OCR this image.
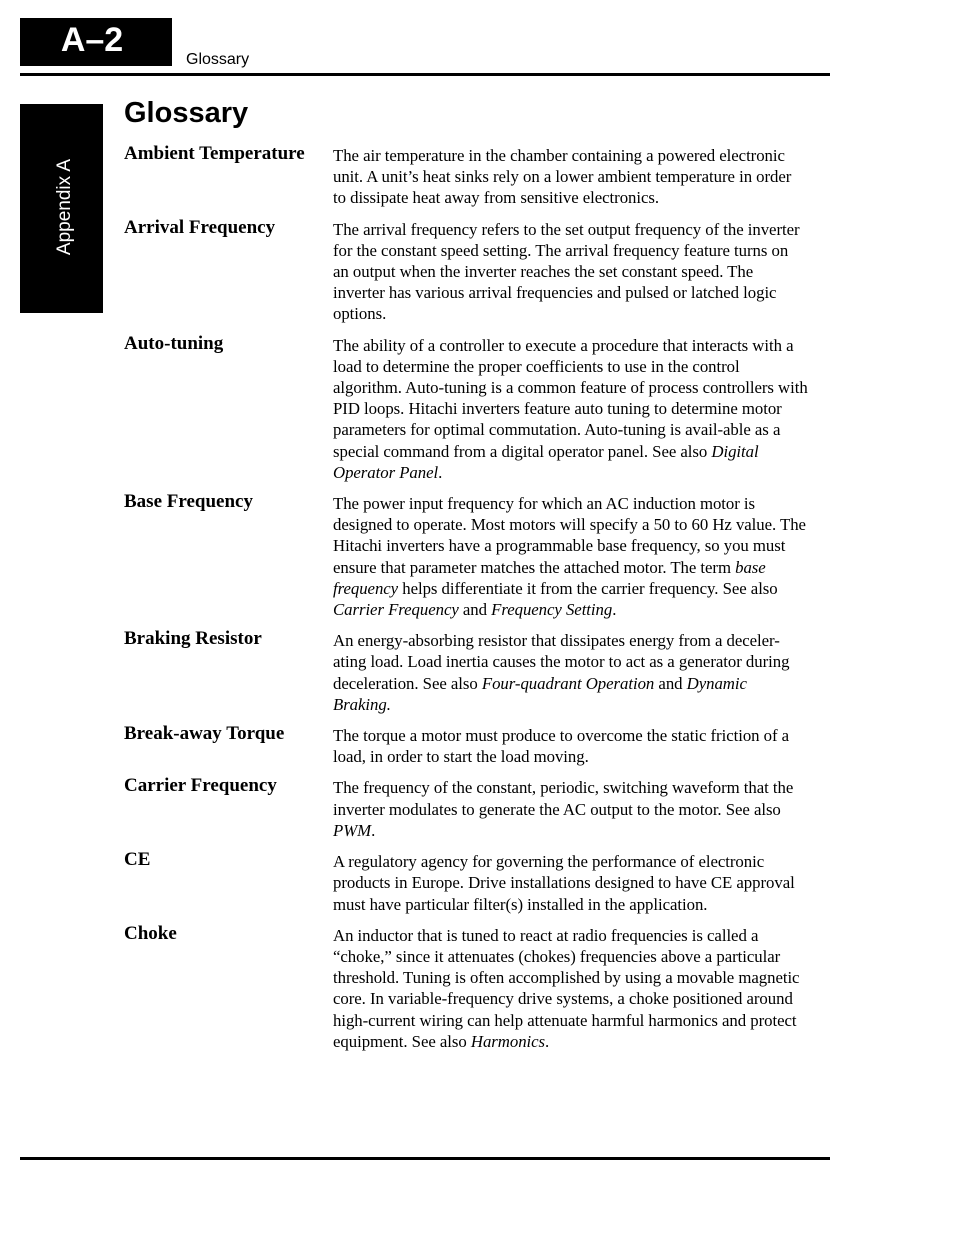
A–2
Glossary
Appendix A
Glossary
Ambient Temperature	The air temperature in the chamber containing a powered electronic unit. A unit’s heat sinks rely on a lower ambient temperature in order to dissipate heat away from sensitive electronics.
Arrival Frequency	The arrival frequency refers to the set output frequency of the inverter for the constant speed setting. The arrival frequency feature turns on an output when the inverter reaches the set constant speed. The inverter has various arrival frequencies and pulsed or latched logic options.
Auto-tuning	The ability of a controller to execute a procedure that interacts with a load to determine the proper coefficients to use in the control algorithm. Auto-tuning is a common feature of process controllers with PID loops. Hitachi inverters feature auto tuning to determine motor parameters for optimal commutation. Auto-tuning is avail-able as a special command from a digital operator panel. See also Digital Operator Panel.
Base Frequency	The power input frequency for which an AC induction motor is designed to operate. Most motors will specify a 50 to 60 Hz value. The Hitachi inverters have a programmable base frequency, so you must ensure that parameter matches the attached motor. The term base frequency helps differentiate it from the carrier frequency. See also Carrier Frequency and Frequency Setting.
Braking Resistor	An energy-absorbing resistor that dissipates energy from a deceler-ating load. Load inertia causes the motor to act as a generator during deceleration. See also Four-quadrant Operation and Dynamic Braking.
Break-away Torque	The torque a motor must produce to overcome the static friction of a load, in order to start the load moving.
Carrier Frequency	The frequency of the constant, periodic, switching waveform that the inverter modulates to generate the AC output to the motor. See also PWM.
CE	A regulatory agency for governing the performance of electronic products in Europe. Drive installations designed to have CE approval must have particular filter(s) installed in the application.
Choke	An inductor that is tuned to react at radio frequencies is called a “choke,” since it attenuates (chokes) frequencies above a particular threshold. Tuning is often accomplished by using a movable magnetic core. In variable-frequency drive systems, a choke positioned around high-current wiring can help attenuate harmful harmonics and protect equipment. See also Harmonics.
